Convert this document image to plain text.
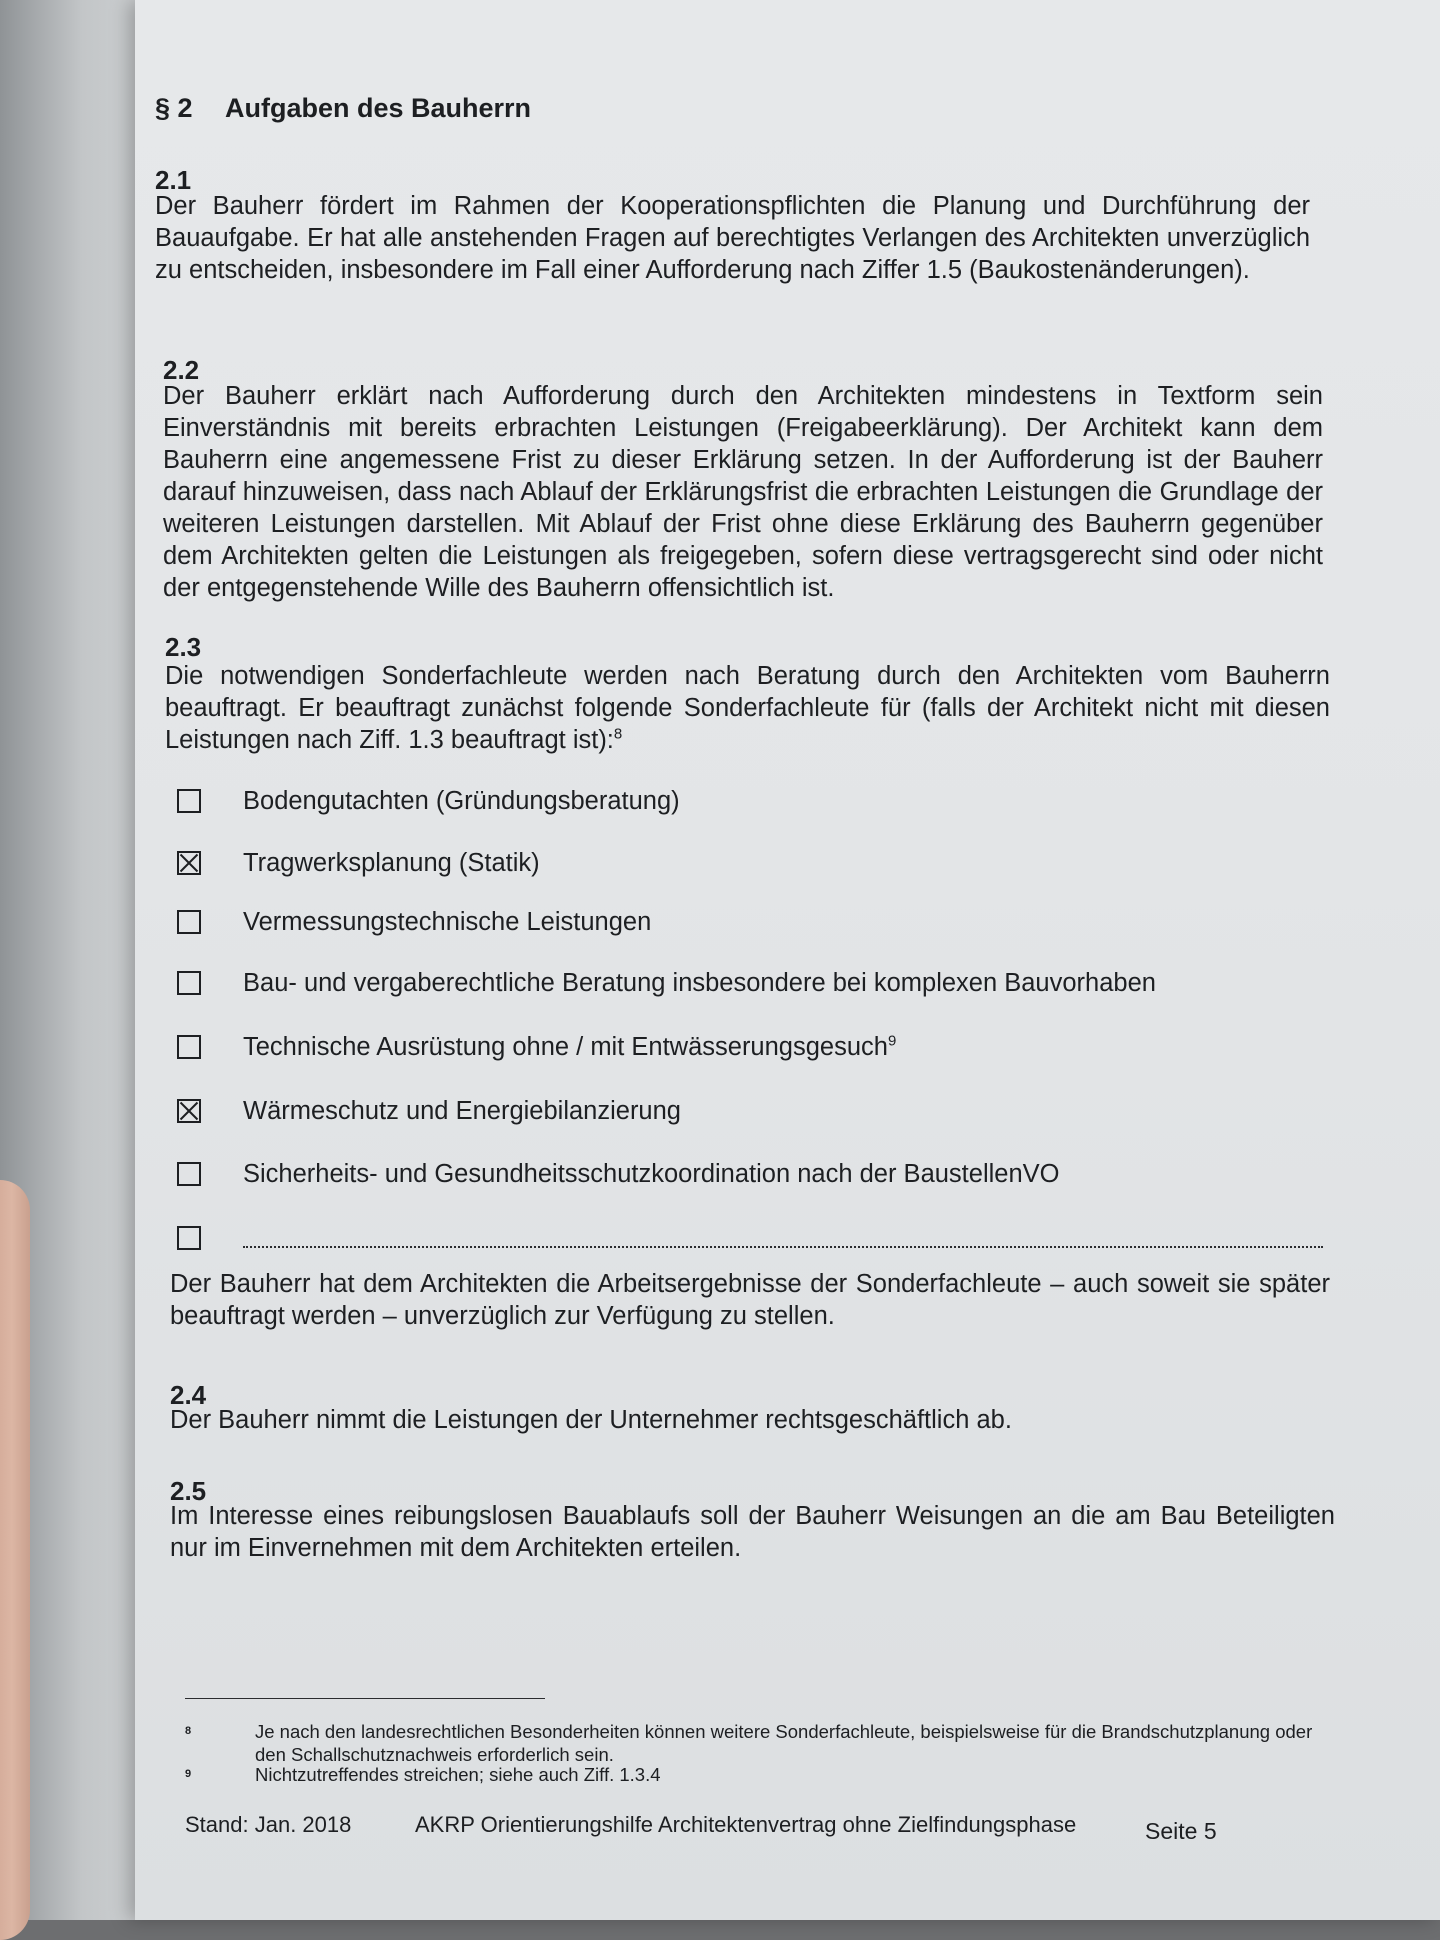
§ 2 Aufgaben des Bauherrn
2.1

Der Bauherr fördert im Rahmen der Kooperationspflichten die Planung und Durchführung der Bauaufgabe. Er hat alle anstehenden Fragen auf berechtigtes Verlangen des Architekten unverzüglich zu entscheiden, insbesondere im Fall einer Aufforderung nach Ziffer 1.5 (Baukostenänderungen).

2.2

Der Bauherr erklärt nach Aufforderung durch den Architekten mindestens in Textform sein Einverständnis mit bereits erbrachten Leistungen (Freigabeerklärung). Der Architekt kann dem Bauherrn eine angemessene Frist zu dieser Erklärung setzen. In der Aufforderung ist der Bauherr darauf hinzuweisen, dass nach Ablauf der Erklärungsfrist die erbrachten Leistungen die Grundlage der weiteren Leistungen darstellen. Mit Ablauf der Frist ohne diese Erklärung des Bauherrn gegenüber dem Architekten gelten die Leistungen als freigegeben, sofern diese vertragsgerecht sind oder nicht der entgegenstehende Wille des Bauherrn offensichtlich ist.

2.3

Die notwendigen Sonderfachleute werden nach Beratung durch den Architekten vom Bauherrn beauftragt. Er beauftragt zunächst folgende Sonderfachleute für (falls der Architekt nicht mit diesen Leistungen nach Ziff. 1.3 beauftragt ist):$^8$

Bodengutachten (Gründungsberatung)
Tragwerksplanung (Statik)
Vermessungstechnische Leistungen
Bau- und vergaberechtliche Beratung insbesondere bei komplexen Bauvorhaben
Technische Ausrüstung ohne / mit Entwässerungsgesuch$^9$
Wärmeschutz und Energiebilanzierung
Sicherheits- und Gesundheitsschutzkoordination nach der BaustellenVO

Der Bauherr hat dem Architekten die Arbeitsergebnisse der Sonderfachleute – auch soweit sie später beauftragt werden – unverzüglich zur Verfügung zu stellen.

2.4

Der Bauherr nimmt die Leistungen der Unternehmer rechtsgeschäftlich ab.

2.5

Im Interesse eines reibungslosen Bauablaufs soll der Bauherr Weisungen an die am Bau Beteiligten nur im Einvernehmen mit dem Architekten erteilen.

8	Je nach den landesrechtlichen Besonderheiten können weitere Sonderfachleute, beispielsweise für die Brandschutzplanung oder den Schallschutznachweis erforderlich sein.
9	Nichtzutreffendes streichen; siehe auch Ziff. 1.3.4
Stand: Jan. 2018	AKRP Orientierungshilfe Architektenvertrag ohne Zielfindungsphase	Seite 5
